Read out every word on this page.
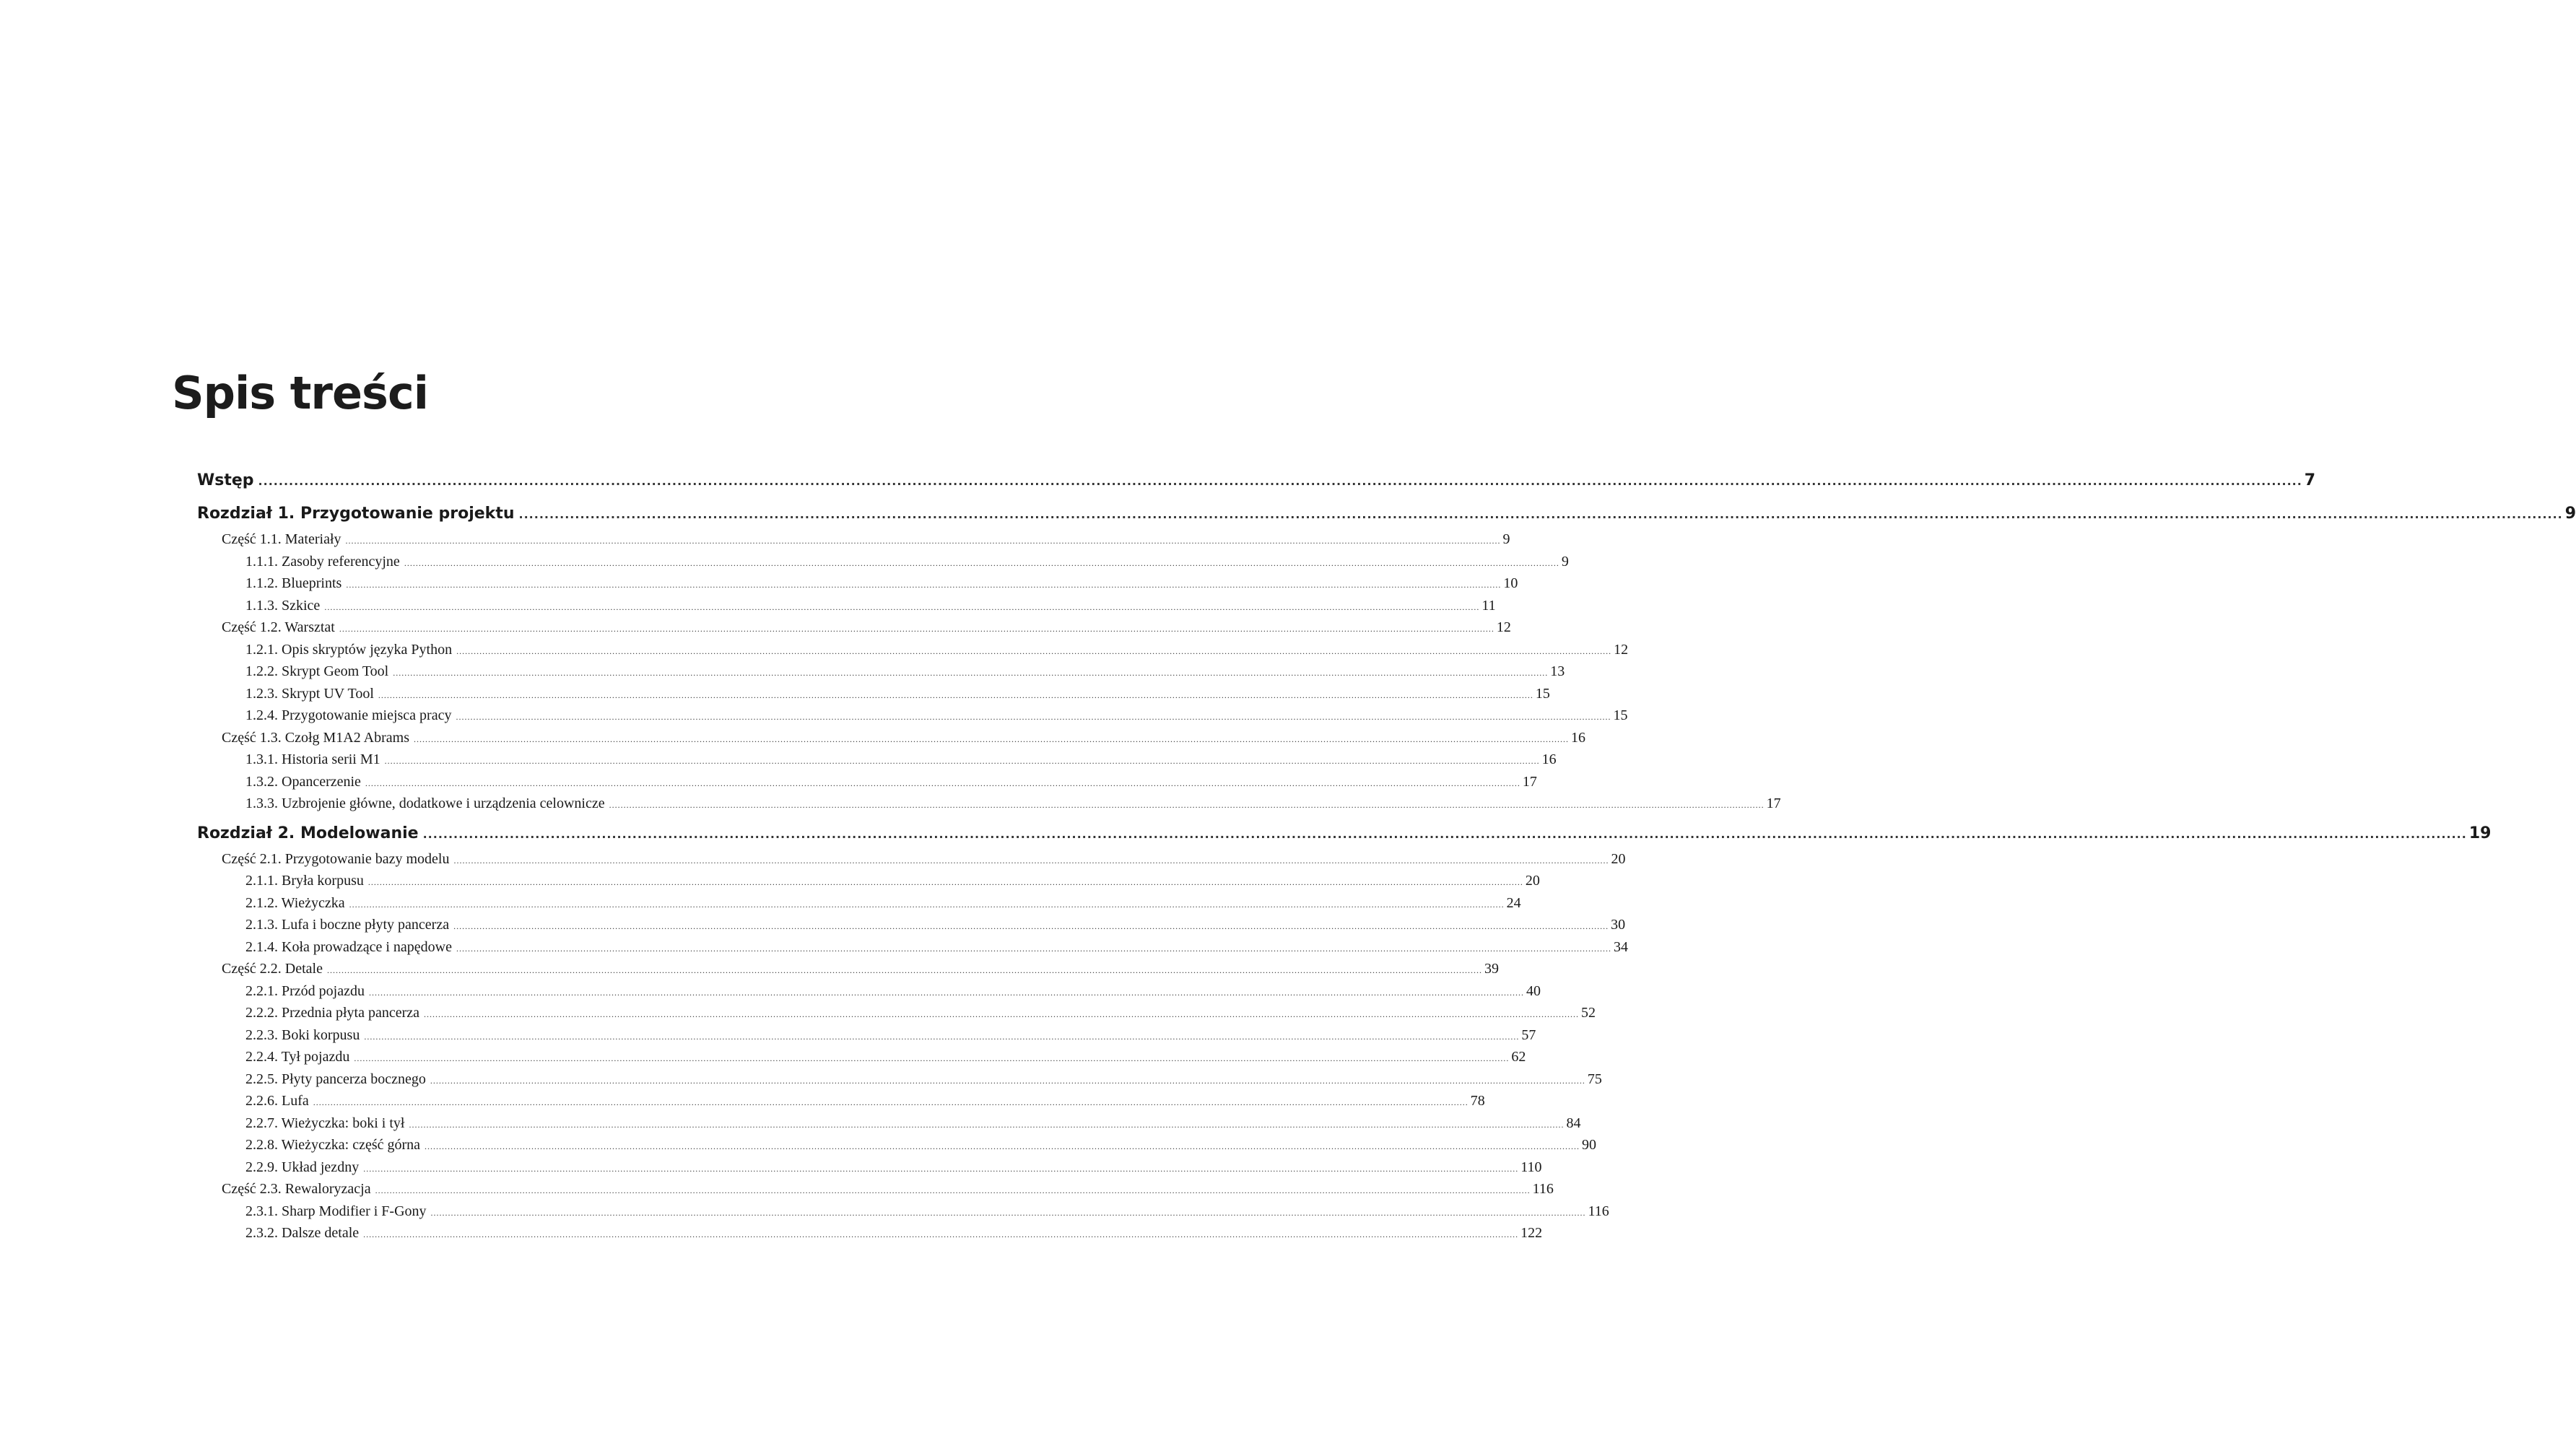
Spis treści
Wstęp ................................................................................................................................................................................................................................................................................................................................................................................................................ 7
Rozdział 1. Przygotowanie projektu ................................................................................................................................................................................................................................................................................................................................................................................................................ 9
Część 1.1. Materiały ................................................................................................................................................................................................................................................................................................................................................................................................................ 9
1.1.1. Zasoby referencyjne ................................................................................................................................................................................................................................................................................................................................................................................................................ 9
1.1.2. Blueprints ................................................................................................................................................................................................................................................................................................................................................................................................................ 10
1.1.3. Szkice ................................................................................................................................................................................................................................................................................................................................................................................................................ 11
Część 1.2. Warsztat ................................................................................................................................................................................................................................................................................................................................................................................................................ 12
1.2.1. Opis skryptów języka Python ................................................................................................................................................................................................................................................................................................................................................................................................................ 12
1.2.2. Skrypt Geom Tool ................................................................................................................................................................................................................................................................................................................................................................................................................ 13
1.2.3. Skrypt UV Tool ................................................................................................................................................................................................................................................................................................................................................................................................................ 15
1.2.4. Przygotowanie miejsca pracy ................................................................................................................................................................................................................................................................................................................................................................................................................ 15
Część 1.3. Czołg M1A2 Abrams ................................................................................................................................................................................................................................................................................................................................................................................................................ 16
1.3.1. Historia serii M1 ................................................................................................................................................................................................................................................................................................................................................................................................................ 16
1.3.2. Opancerzenie ................................................................................................................................................................................................................................................................................................................................................................................................................ 17
1.3.3. Uzbrojenie główne, dodatkowe i urządzenia celownicze ................................................................................................................................................................................................................................................................................................................................................................................................................ 17
Rozdział 2. Modelowanie ................................................................................................................................................................................................................................................................................................................................................................................................................ 19
Część 2.1. Przygotowanie bazy modelu ................................................................................................................................................................................................................................................................................................................................................................................................................ 20
2.1.1. Bryła korpusu ................................................................................................................................................................................................................................................................................................................................................................................................................ 20
2.1.2. Wieżyczka ................................................................................................................................................................................................................................................................................................................................................................................................................ 24
2.1.3. Lufa i boczne płyty pancerza ................................................................................................................................................................................................................................................................................................................................................................................................................ 30
2.1.4. Koła prowadzące i napędowe ................................................................................................................................................................................................................................................................................................................................................................................................................ 34
Część 2.2. Detale ................................................................................................................................................................................................................................................................................................................................................................................................................ 39
2.2.1. Przód pojazdu ................................................................................................................................................................................................................................................................................................................................................................................................................ 40
2.2.2. Przednia płyta pancerza ................................................................................................................................................................................................................................................................................................................................................................................................................ 52
2.2.3. Boki korpusu ................................................................................................................................................................................................................................................................................................................................................................................................................ 57
2.2.4. Tył pojazdu ................................................................................................................................................................................................................................................................................................................................................................................................................ 62
2.2.5. Płyty pancerza bocznego ................................................................................................................................................................................................................................................................................................................................................................................................................ 75
2.2.6. Lufa ................................................................................................................................................................................................................................................................................................................................................................................................................ 78
2.2.7. Wieżyczka: boki i tył ................................................................................................................................................................................................................................................................................................................................................................................................................ 84
2.2.8. Wieżyczka: część górna ................................................................................................................................................................................................................................................................................................................................................................................................................ 90
2.2.9. Układ jezdny ................................................................................................................................................................................................................................................................................................................................................................................................................ 110
Część 2.3. Rewaloryzacja ................................................................................................................................................................................................................................................................................................................................................................................................................ 116
2.3.1. Sharp Modifier i F-Gony ................................................................................................................................................................................................................................................................................................................................................................................................................ 116
2.3.2. Dalsze detale ................................................................................................................................................................................................................................................................................................................................................................................................................ 122
